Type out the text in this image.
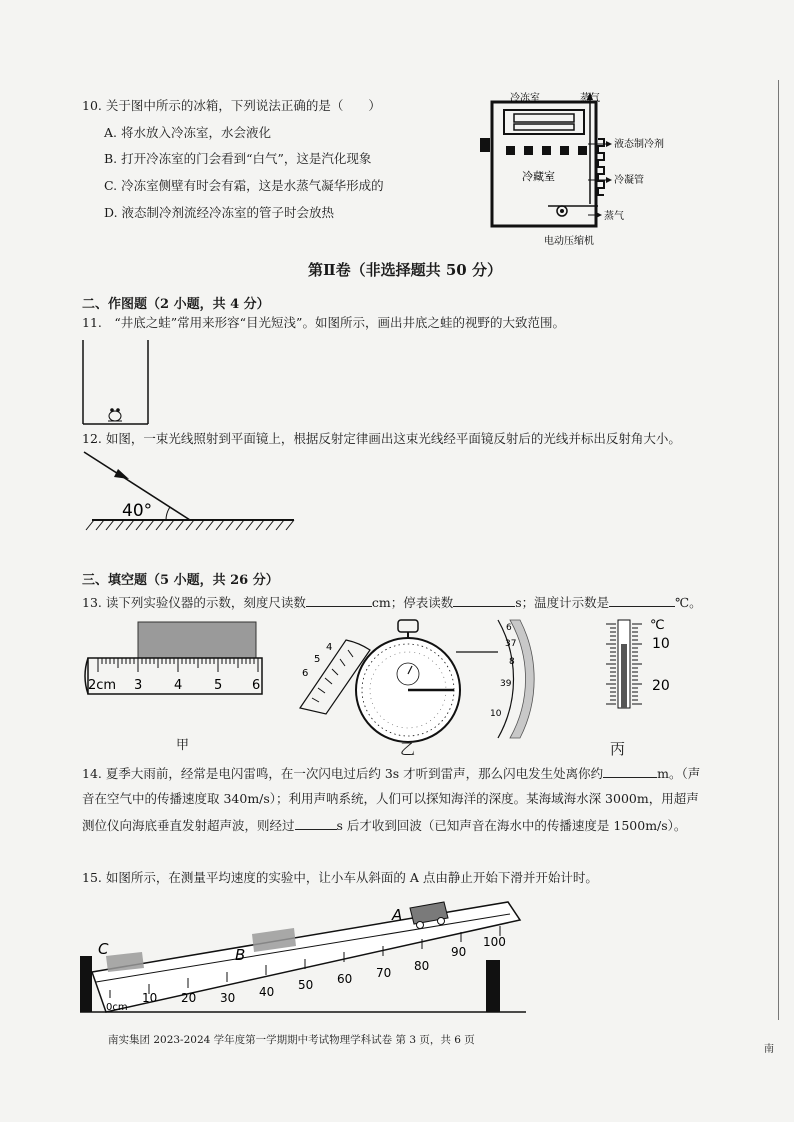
10. 关于图中所示的冰箱，下列说法正确的是（　　）
A. 将水放入冷冻室，水会液化
B. 打开冷冻室的门会看到“白气”，这是汽化现象
C. 冷冻室侧壁有时会有霜，这是水蒸气凝华形成的
D. 液态制冷剂流经冷冻室的管子时会放热
冷冻室	蒸气
液态制冷剂
冷藏室	冷凝管
蒸气
电动压缩机
第Ⅱ卷（非选择题共 50 分）
二、作图题（2 小题，共 4 分）
11.　“井底之蛙”常用来形容“目光短浅”。如图所示，画出井底之蛙的视野的大致范围。
12. 如图，一束光线照射到平面镜上，根据反射定律画出这束光线经平面镜反射后的光线并标出反射角大小。
40°
三、填空题（5 小题，共 26 分）
13. 读下列实验仪器的示数，刻度尺读数	cm；停表读数	s；温度计示数是	℃。
2cm 3 4 5 6
6
5
4
6
37
8
39
10
℃
10
20
甲	乙	丙
14. 夏季大雨前，经常是电闪雷鸣，在一次闪电过后约 3s 才听到雷声，那么闪电发生处离你约	m。（声
音在空气中的传播速度取 340m/s）；利用声呐系统，人们可以探知海洋的深度。某海域海水深 3000m，用超声
测位仪向海底垂直发射超声波，则经过	s 后才收到回波（已知声音在海水中的传播速度是 1500m/s）。
15. 如图所示，在测量平均速度的实验中，让小车从斜面的 A 点由静止开始下滑并开始计时。
0cm
10 20 30 40 50 60 70 80
90
100
A
B
C
南实集团 2023-2024 学年度第一学期期中考试物理学科试卷 第 3 页，共 6 页
南
